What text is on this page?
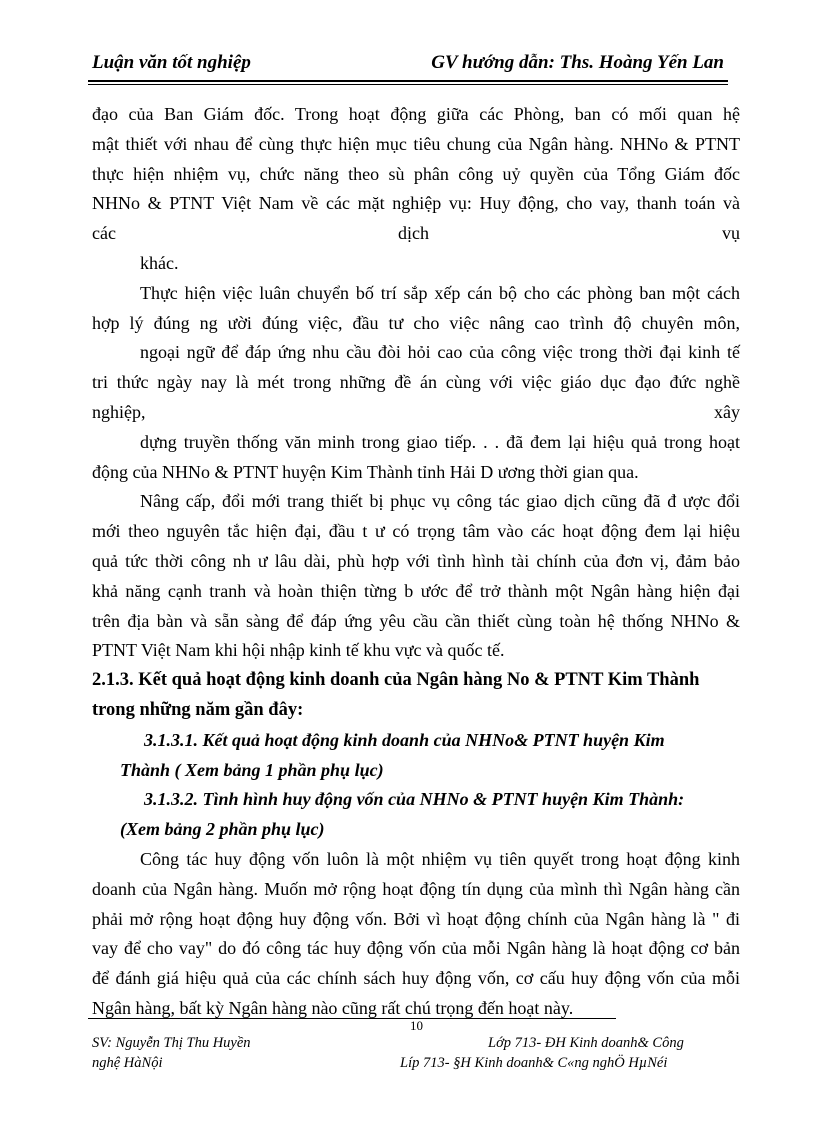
Luận văn tốt nghiệp	GV hướng dẫn: Ths. Hoàng Yến Lan

đạo của Ban Giám đốc. Trong hoạt động giữa các Phòng, ban có mối quan hệ

mật thiết với nhau để cùng thực hiện mục tiêu chung của Ngân hàng. NHNo & PTNT

thực hiện nhiệm vụ, chức năng theo sù phân công uỷ quyền của Tổng Giám đốc

NHNo & PTNT Việt Nam về các mặt nghiệp vụ: Huy động, cho vay, thanh toán và

các	dịch	vụ

khác.

Thực hiện việc luân chuyển bố trí sắp xếp cán bộ cho các phòng ban một cách

hợp lý đúng ng ười đúng việc, đầu tư cho việc nâng cao trình độ chuyên môn,

ngoại ngữ để đáp ứng nhu cầu đòi hỏi cao của công việc trong thời đại kinh tế

tri thức ngày nay là mét trong những đề án cùng với việc giáo dục đạo đức nghề

nghiệp,	xây

dựng truyền thống văn minh trong giao tiếp. . . đã đem lại hiệu quả trong hoạt

động của NHNo & PTNT huyện Kim Thành tỉnh Hải D ương thời gian qua.

Nâng cấp, đổi mới trang thiết bị phục vụ công tác giao dịch cũng đã đ ược đổi

mới theo nguyên tắc hiện đại, đầu t ư có trọng tâm vào các hoạt động đem lại hiệu

quả tức thời công nh ư lâu dài, phù hợp với tình hình tài chính của đơn vị, đảm bảo

khả năng cạnh tranh và hoàn thiện từng b ước để trở thành một Ngân hàng hiện đại

trên địa bàn và sẵn sàng để đáp ứng yêu cầu cần thiết cùng toàn hệ thống NHNo &

PTNT Việt Nam khi hội nhập kinh tế khu vực và quốc tế.

2.1.3. Kết quả hoạt động kinh doanh của Ngân hàng No & PTNT Kim Thành

trong những năm gần đây:

3.1.3.1. Kết quả hoạt động kinh doanh của NHNo& PTNT huyện Kim

Thành ( Xem bảng 1 phần phụ lục)

3.1.3.2. Tình hình huy động vốn của NHNo & PTNT huyện Kim Thành:

(Xem bảng 2 phần phụ lục)

Công tác huy động vốn luôn là một nhiệm vụ tiên quyết trong hoạt động kinh

doanh của Ngân hàng. Muốn mở rộng hoạt động tín dụng của mình thì Ngân hàng cần

phải mở rộng hoạt động huy động vốn. Bởi vì hoạt động chính của Ngân hàng là " đi

vay để cho vay" do đó công tác huy động vốn của mỗi Ngân hàng là hoạt động cơ bản

để đánh giá hiệu quả của các chính sách huy động vốn, cơ cấu huy động vốn của mỗi

Ngân hàng, bất kỳ Ngân hàng nào cũng rất chú trọng đến hoạt này.

10
SV: Nguyễn Thị Thu Huyền	Lớp 713- ĐH Kinh doanh& Công
nghệ HàNội	Líp 713- §H Kinh doanh& C«ng nghÖ HµNéi
